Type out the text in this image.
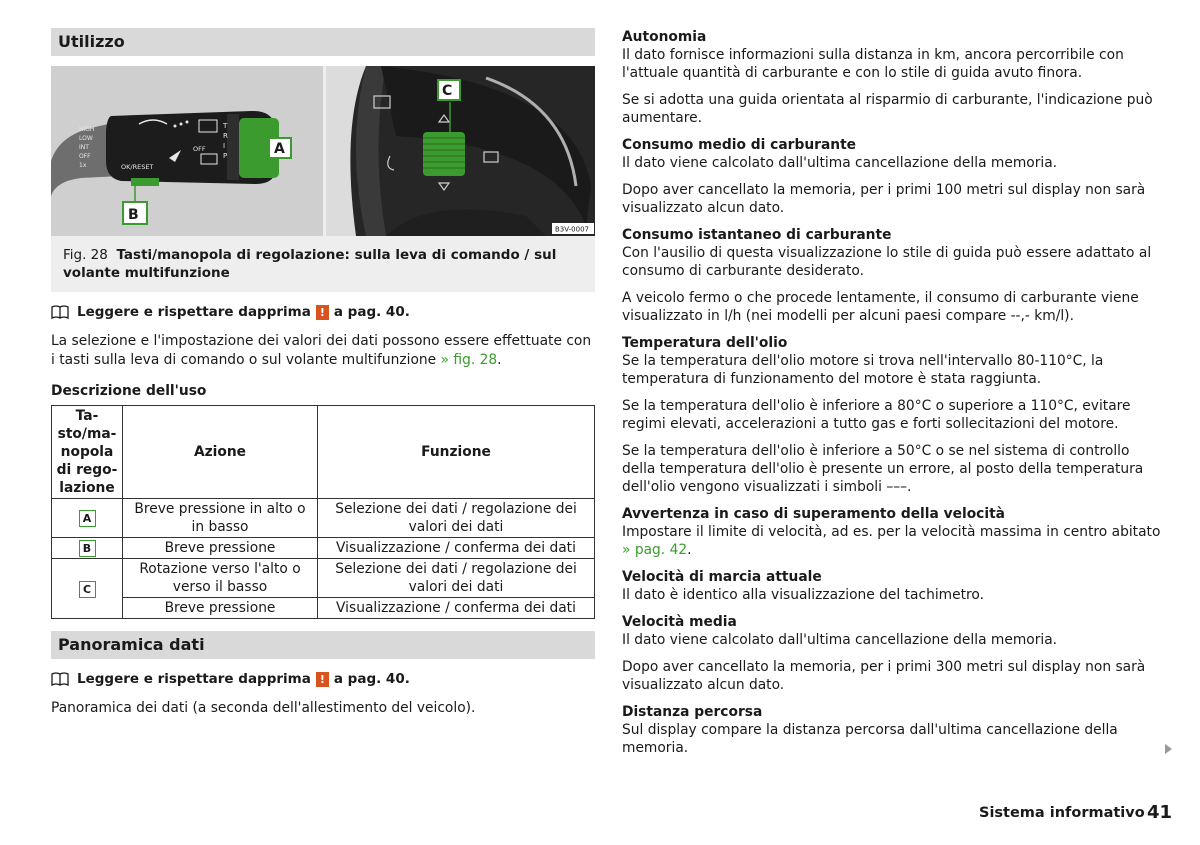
Utilizzo
HIGH
LOW
INT
OFF
1x	OK/RESET
OFF
T
R
I
P	A
B
C
B3V-0007
Fig. 28 Tasti/manopola di regolazione: sulla leva di comando / sul volante multifunzione
Leggere e rispettare dapprima ! a pag. 40.
La selezione e l'impostazione dei valori dei dati possono essere effettuate con i tasti sulla leva di comando o sul volante multifunzione » fig. 28.
Descrizione dell'uso
Ta-sto/ma-nopola di rego-lazione	Azione	Funzione
A	Breve pressione in alto o in basso	Selezione dei dati / regolazione dei valori dei dati
B	Breve pressione	Visualizzazione / conferma dei dati
C	Rotazione verso l'alto o verso il basso	Selezione dei dati / regolazione dei valori dei dati
	Breve pressione	Visualizzazione / conferma dei dati
Panoramica dati
Leggere e rispettare dapprima ! a pag. 40.
Panoramica dei dati (a seconda dell'allestimento del veicolo).
Autonomia
Il dato fornisce informazioni sulla distanza in km, ancora percorribile con l'attuale quantità di carburante e con lo stile di guida avuto finora.
Se si adotta una guida orientata al risparmio di carburante, l'indicazione può aumentare.
Consumo medio di carburante
Il dato viene calcolato dall'ultima cancellazione della memoria.
Dopo aver cancellato la memoria, per i primi 100 metri sul display non sarà visualizzato alcun dato.
Consumo istantaneo di carburante
Con l'ausilio di questa visualizzazione lo stile di guida può essere adattato al consumo di carburante desiderato.
A veicolo fermo o che procede lentamente, il consumo di carburante viene visualizzato in l/h (nei modelli per alcuni paesi compare --,- km/l).
Temperatura dell'olio
Se la temperatura dell'olio motore si trova nell'intervallo 80-110°C, la temperatura di funzionamento del motore è stata raggiunta.
Se la temperatura dell'olio è inferiore a 80°C o superiore a 110°C, evitare regimi elevati, accelerazioni a tutto gas e forti sollecitazioni del motore.
Se la temperatura dell'olio è inferiore a 50°C o se nel sistema di controllo della temperatura dell'olio è presente un errore, al posto della temperatura dell'olio vengono visualizzati i simboli –––.
Avvertenza in caso di superamento della velocità
Impostare il limite di velocità, ad es. per la velocità massima in centro abitato
» pag. 42.
Velocità di marcia attuale
Il dato è identico alla visualizzazione del tachimetro.
Velocità media
Il dato viene calcolato dall'ultima cancellazione della memoria.
Dopo aver cancellato la memoria, per i primi 300 metri sul display non sarà visualizzato alcun dato.
Distanza percorsa
Sul display compare la distanza percorsa dall'ultima cancellazione della memoria.
Sistema informativo 41
